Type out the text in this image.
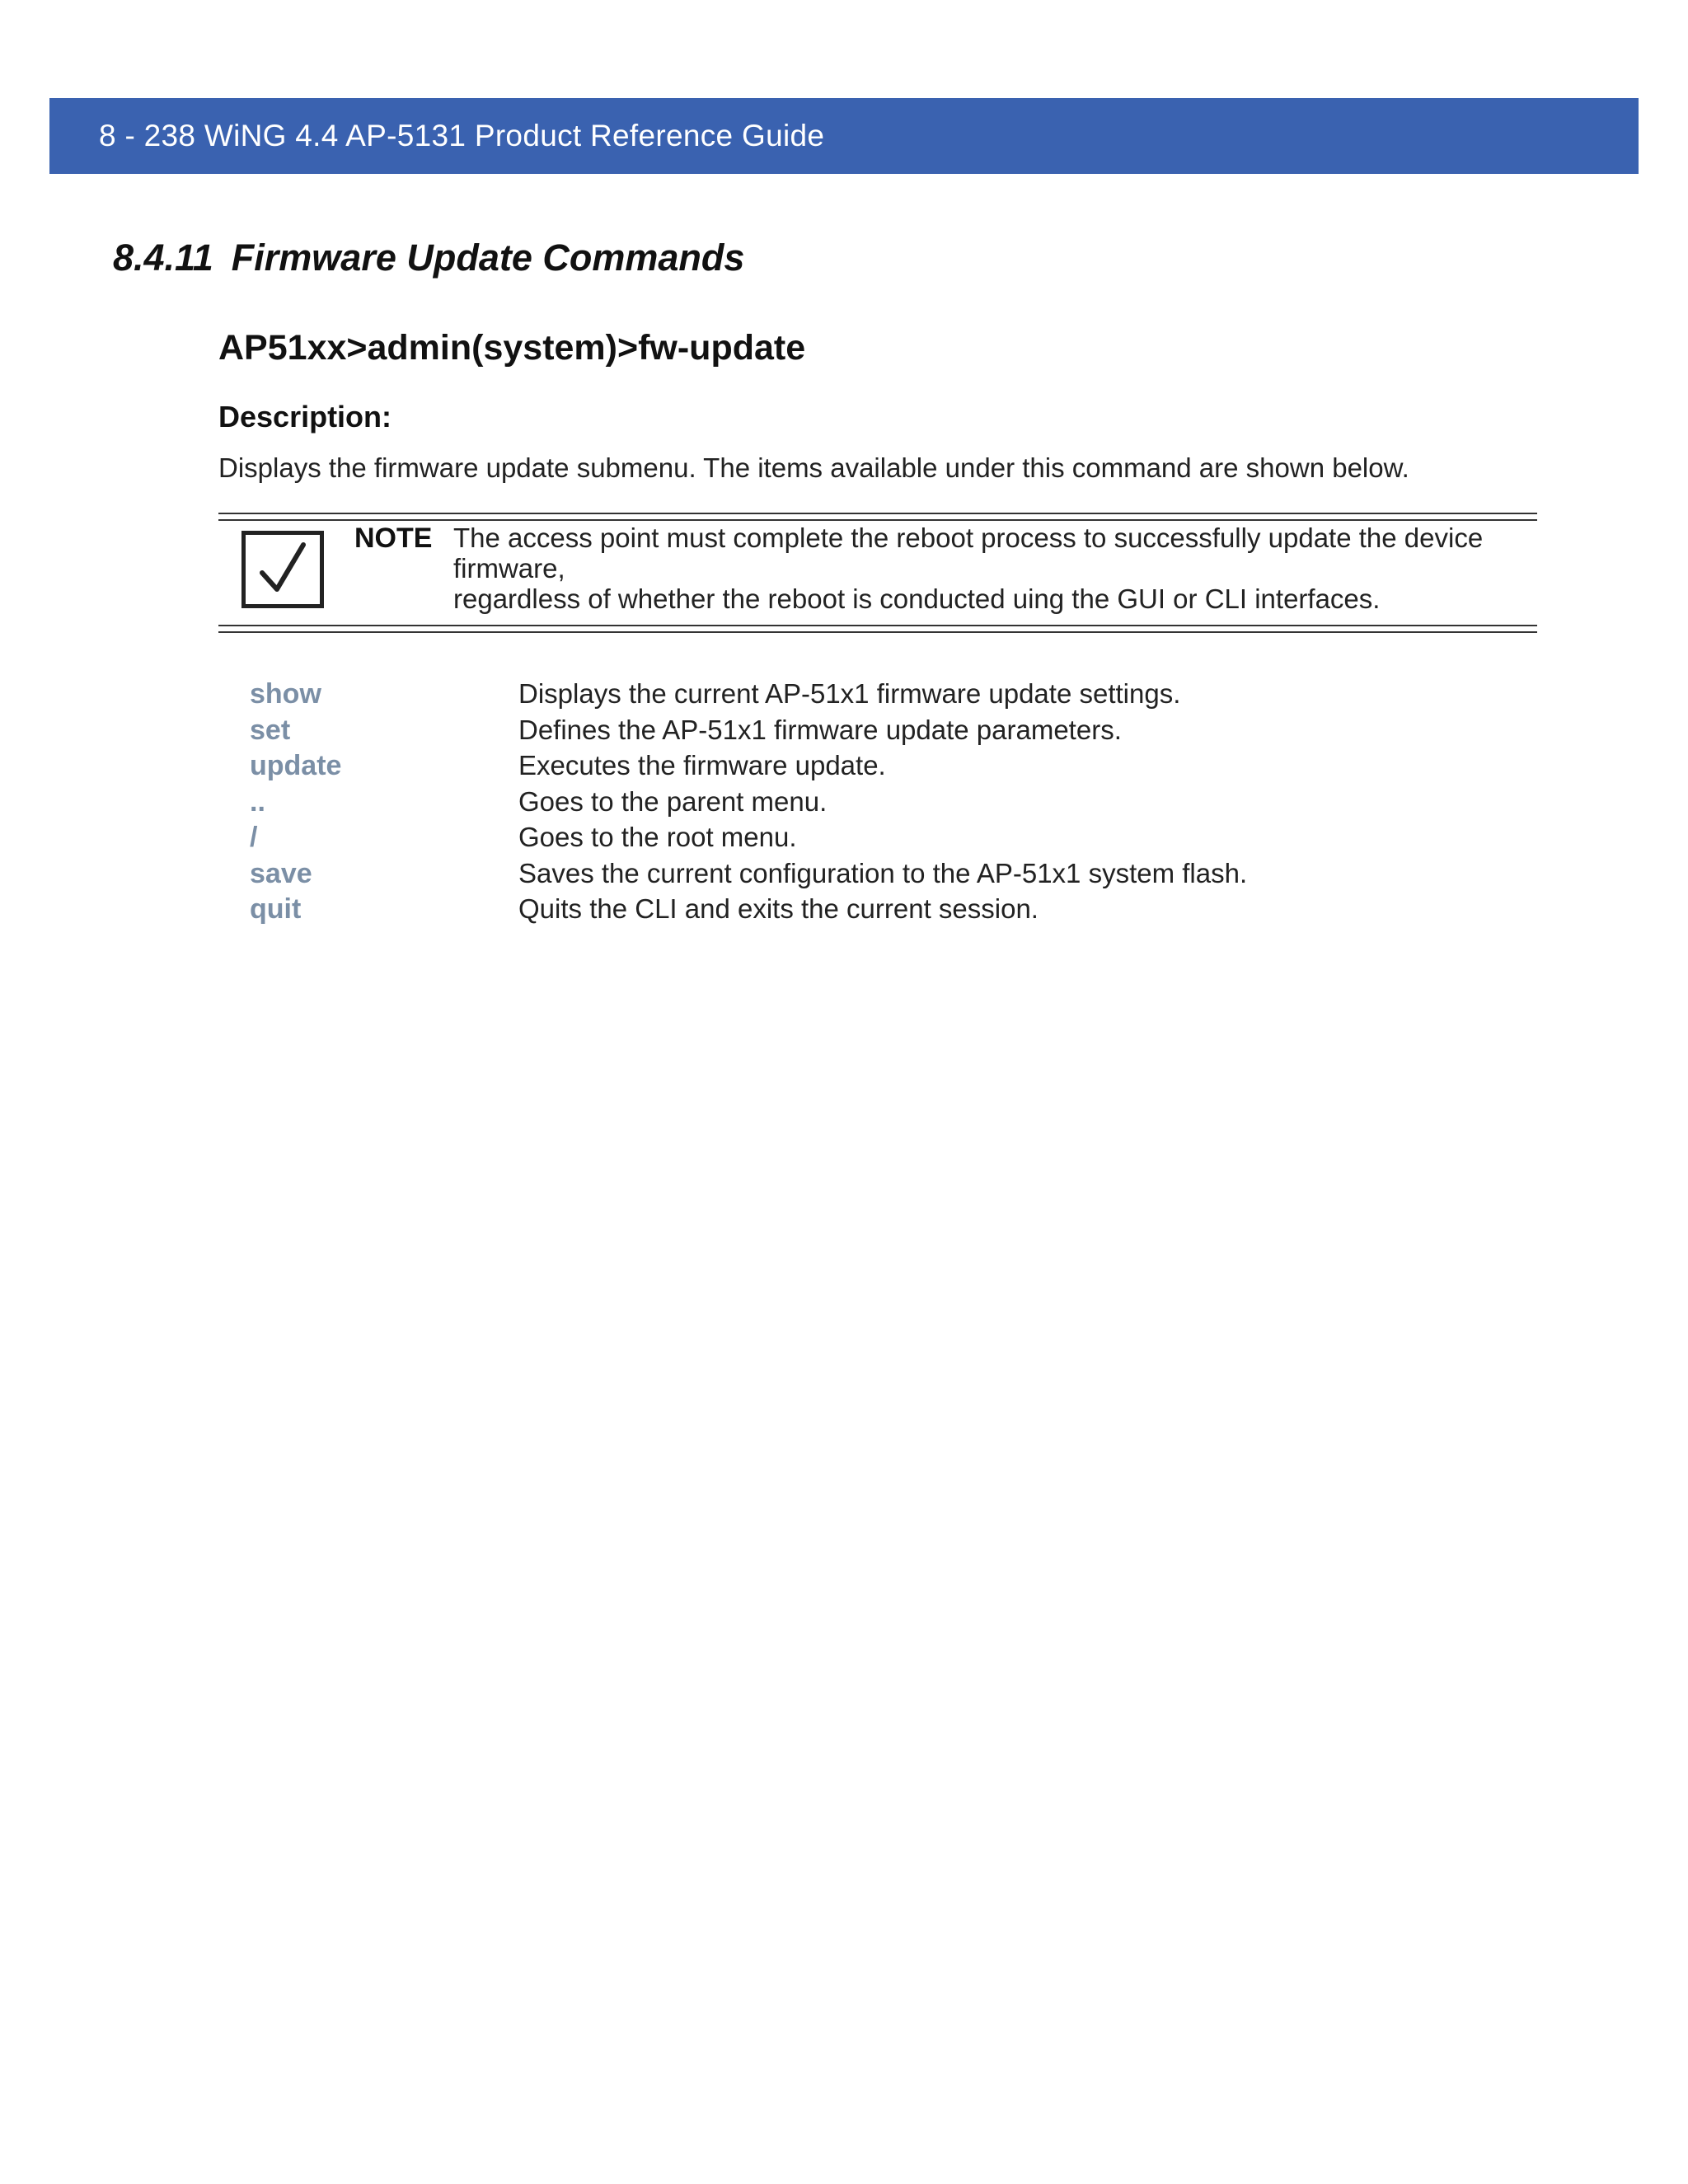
8 - 238 WiNG 4.4 AP-5131 Product Reference Guide
8.4.11 Firmware Update Commands
AP51xx>admin(system)>fw-update
Description:
Displays the firmware update submenu. The items available under this command are shown below.
NOTE The access point must complete the reboot process to successfully update the device firmware,
regardless of whether the reboot is conducted uing the GUI or CLI interfaces.
show	Displays the current AP-51x1 firmware update settings.
set	Defines the AP-51x1 firmware update parameters.
update	Executes the firmware update.
..	Goes to the parent menu.
/	Goes to the root menu.
save	Saves the current configuration to the AP-51x1 system flash.
quit	Quits the CLI and exits the current session.
